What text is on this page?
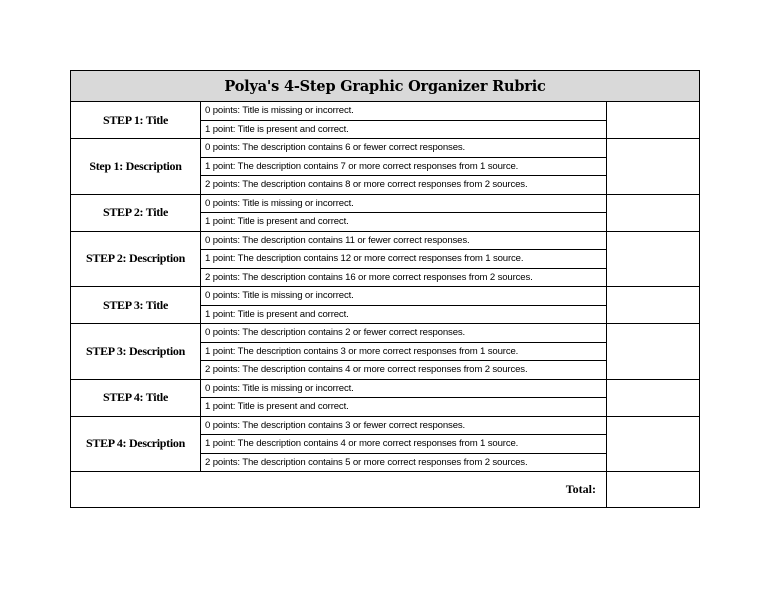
Polya's 4-Step Graphic Organizer Rubric		
STEP 1: Title	0 points: Title is missing or incorrect.	
	1 point: Title is present and correct.	
Step 1: Description	0 points: The description contains 6 or fewer correct responses.	
	1 point: The description contains 7 or more correct responses from 1 source.	
	2 points: The description contains 8 or more correct responses from 2 sources.	
STEP 2: Title	0 points: Title is missing or incorrect.	
	1 point: Title is present and correct.	
STEP 2: Description	0 points: The description contains 11 or fewer correct responses.	
	1 point: The description contains 12 or more correct responses from 1 source.	
	2 points: The description contains 16 or more correct responses from 2 sources.	
STEP 3: Title	0 points: Title is missing or incorrect.	
	1 point: Title is present and correct.	
STEP 3: Description	0 points: The description contains 2 or fewer correct responses.	
	1 point: The description contains 3 or more correct responses from 1 source.	
	2 points: The description contains 4 or more correct responses from 2 sources.	
STEP 4: Title	0 points: Title is missing or incorrect.	
	1 point: Title is present and correct.	
STEP 4: Description	0 points: The description contains 3 or fewer correct responses.	
	1 point: The description contains 4 or more correct responses from 1 source.	
	2 points: The description contains 5 or more correct responses from 2 sources.	
Total:		
